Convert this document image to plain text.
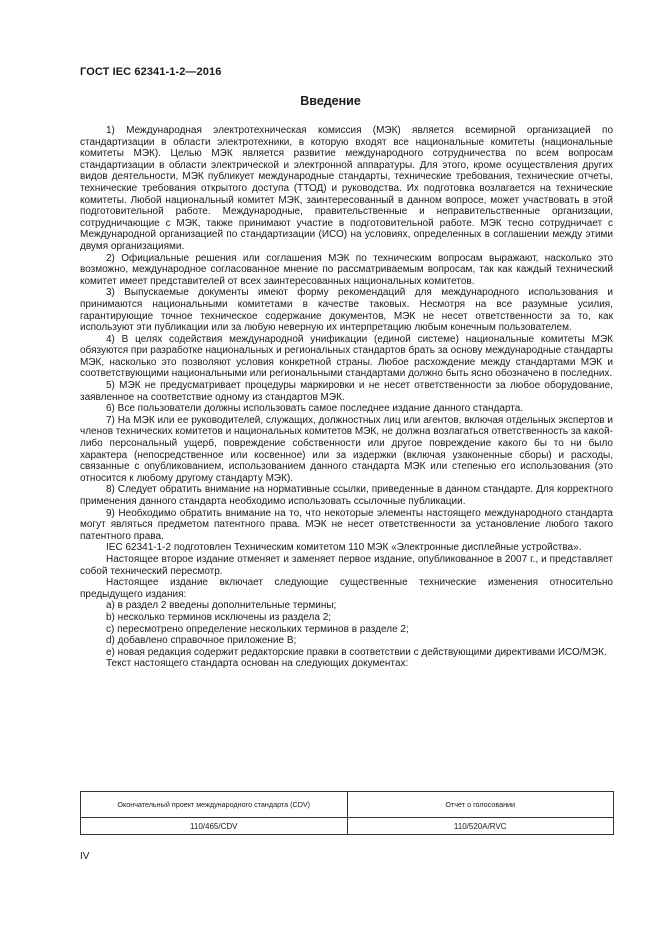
ГОСТ IEC 62341-1-2—2016
Введение

1) Международная электротехническая комиссия (МЭК) является всемирной организацией по стандартизации в области электротехники, в которую входят все национальные комитеты (национальные комитеты МЭК). Целью МЭК является развитие международного сотрудничества по всем вопросам стандартизации в области электрической и электронной аппаратуры. Для этого, кроме осуществления других видов деятельности, МЭК публикует международные стандарты, технические требования, технические отчеты, технические требования открытого доступа (ТТОД) и руководства. Их подготовка возлагается на технические комитеты. Любой национальный комитет МЭК, заинтересованный в данном вопросе, может участвовать в этой подготовительной работе. Международные, правительственные и неправительственные организации, сотрудничающие с МЭК, также принимают участие в подготовительной работе. МЭК тесно сотрудничает с Международной организацией по стандартизации (ИСО) на условиях, определенных в соглашении между этими двумя организациями.

2) Официальные решения или соглашения МЭК по техническим вопросам выражают, насколько это возможно, международное согласованное мнение по рассматриваемым вопросам, так как каждый технический комитет имеет представителей от всех заинтересованных национальных комитетов.

3) Выпускаемые документы имеют форму рекомендаций для международного использования и принимаются национальными комитетами в качестве таковых. Несмотря на все разумные усилия, гарантирующие точное техническое содержание документов, МЭК не несет ответственности за то, как используют эти публикации или за любую неверную их интерпретацию любым конечным пользователем.

4) В целях содействия международной унификации (единой системе) национальные комитеты МЭК обязуются при разработке национальных и региональных стандартов брать за основу международные стандарты МЭК, насколько это позволяют условия конкретной страны. Любое расхождение между стандартами МЭК и соответствующими национальными или региональными стандартами должно быть ясно обозначено в последних.

5) МЭК не предусматривает процедуры маркировки и не несет ответственности за любое оборудование, заявленное на соответствие одному из стандартов МЭК.

6) Все пользователи должны использовать самое последнее издание данного стандарта.

7) На МЭК или ее руководителей, служащих, должностных лиц или агентов, включая отдельных экспертов и членов технических комитетов и национальных комитетов МЭК, не должна возлагаться ответственность за какой-либо персональный ущерб, повреждение собственности или другое повреждение какого бы то ни было характера (непосредственное или косвенное) или за издержки (включая узаконенные сборы) и расходы, связанные с опубликованием, использованием данного стандарта МЭК или степенью его использования (это относится к любому другому стандарту МЭК).

8) Следует обратить внимание на нормативные ссылки, приведенные в данном стандарте. Для корректного применения данного стандарта необходимо использовать ссылочные публикации.

9) Необходимо обратить внимание на то, что некоторые элементы настоящего международного стандарта могут являться предметом патентного права. МЭК не несет ответственности за установление любого такого патентного права.

IEC 62341-1-2 подготовлен Техническим комитетом 110 МЭК «Электронные дисплейные устройства».

Настоящее второе издание отменяет и заменяет первое издание, опубликованное в 2007 г., и представляет собой технический пересмотр.

Настоящее издание включает следующие существенные технические изменения относительно предыдущего издания:

а) в раздел 2 введены дополнительные термины;

b) несколько терминов исключены из раздела 2;

c) пересмотрено определение нескольких терминов в разделе 2;

d) добавлено справочное приложение В;

е) новая редакция содержит редакторские правки в соответствии с действующими директивами ИСО/МЭК.

Текст настоящего стандарта основан на следующих документах:

Окончательный проект международного стандарта (CDV)	Отчет о голосовании
110/465/CDV	110/520A/RVC
IV
